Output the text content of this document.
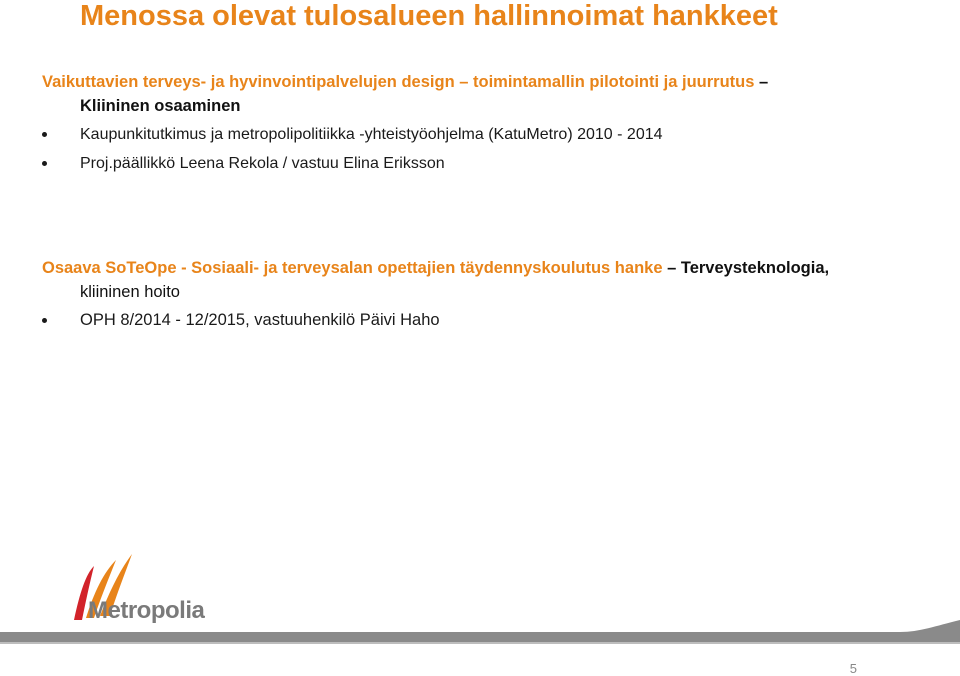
Menossa olevat tulosalueen hallinnoimat hankkeet

Vaikuttavien terveys- ja hyvinvointipalvelujen design – toimintamallin pilotointi ja juurrutus –
Kliininen osaaminen

Kaupunkitutkimus ja metropolipolitiikka -yhteistyöohjelma (KatuMetro) 2010 - 2014
Proj.päällikkö Leena Rekola / vastuu Elina Eriksson

Osaava SoTeOpe - Sosiaali- ja terveysalan opettajien täydennyskoulutus hanke – Terveysteknologia,
kliininen hoito

OPH 8/2014 - 12/2015, vastuuhenkilö Päivi Haho
Metropolia
5
